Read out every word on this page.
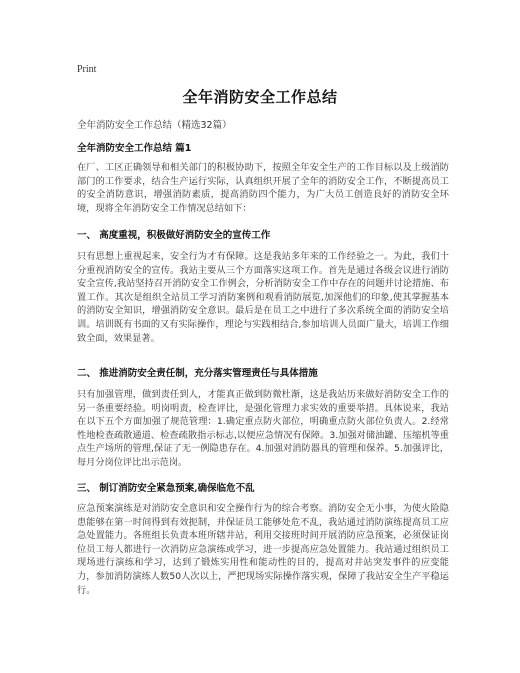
Print
全年消防安全工作总结
全年消防安全工作总结（精选32篇）
全年消防安全工作总结 篇1
在厂、工区正确领导和相关部门的积极协助下，按照全年安全生产的工作目标以及上级消防部门的工作要求，结合生产运行实际，认真组织开展了全年的消防安全工作，不断提高员工的安全消防意识，增强消防素质，提高消防四个能力，为广大员工创造良好的消防安全环境，现将全年消防安全工作情况总结如下：
一、 高度重视，积极做好消防安全的宣传工作
只有思想上重视起来，安全行为才有保障。这是我站多年来的工作经验之一。为此，我们十分重视消防安全的宣传。我站主要从三个方面落实这项工作。首先是通过各级会议进行消防安全宣传,我站坚持召开消防安全工作例会，分析消防安全工作中存在的问题并讨论措施、布置工作。其次是组织全站员工学习消防案例和观看消防展览,加深他们的印象,使其掌握基本的消防安全知识，增强消防安全意识。最后是在员工之中进行了多次系统全面的消防安全培训。培训既有书面的又有实际操作，理论与实践相结合,参加培训人员面广量大，培训工作细致全面，效果显著。
二、 推进消防安全责任制，充分落实管理责任与具体措施
只有加强管理，做到责任到人，才能真正做到防微杜渐，这是我站历来做好消防安全工作的另一条重要经验。明岗明责，检查评比，是强化管理力求实效的重要举措。具体说来，我站在以下五个方面加强了规范管理：1.确定重点防火部位，明确重点防火部位负责人。2.经常性地检查疏散通道、检查疏散指示标志,以便应急情况有保障。3.加强对储油罐、压缩机等重点生产场所的管理,保证了无一例隐患存在。4.加强对消防器具的管理和保养。5.加强评比，每月分岗位评比出示范岗。
三、 制订消防安全紧急预案,确保临危不乱
应急预案演练是对消防安全意识和安全操作行为的综合考察。消防安全无小事，为使火险隐患能够在第一时间得到有效扼制，并保证员工能够处危不乱，我站通过消防演练提高员工应急处置能力。各班组长负责本班所辖井站，利用交接班时间开展消防应急预案，必须保证岗位员工每人都进行一次消防应急演练或学习，进一步提高应急处置能力。我站通过组织员工现场进行演练和学习，达到了锻炼实用性和能动性的目的，提高对井站突发事件的应变能力，参加消防演练人数50人次以上，严把现场实际操作落实观，保障了我站安全生产平稳运行。
